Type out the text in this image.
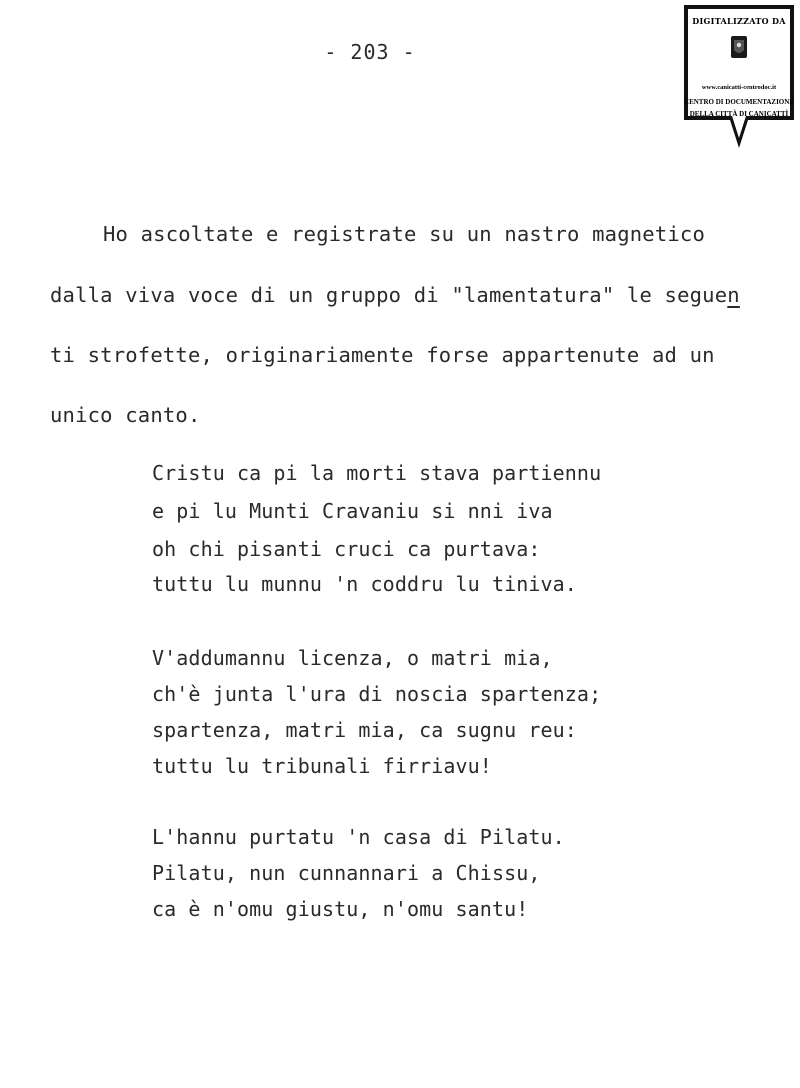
- 203 -
DIGITALIZZATO DA
www.canicatti-centrodoc.it
CENTRO DI DOCUMENTAZIONE
DELLA CITTÀ DI CANICATTÌ
Ho ascoltate e registrate su un nastro magnetico
dalla viva voce di un gruppo di "lamentatura" le seguen
ti strofette, originariamente forse appartenute ad un
unico canto.
Cristu ca pi la morti stava partiennu
e pi lu Munti Cravaniu si nni iva
oh chi pisanti cruci ca purtava:
tuttu lu munnu 'n coddru lu tiniva.
V'addumannu licenza, o matri mia,
ch'è junta l'ura di noscia spartenza;
spartenza, matri mia, ca sugnu reu:
tuttu lu tribunali firriavu!
L'hannu purtatu 'n casa di Pilatu.
Pilatu, nun cunnannari a Chissu,
ca è n'omu giustu, n'omu santu!
